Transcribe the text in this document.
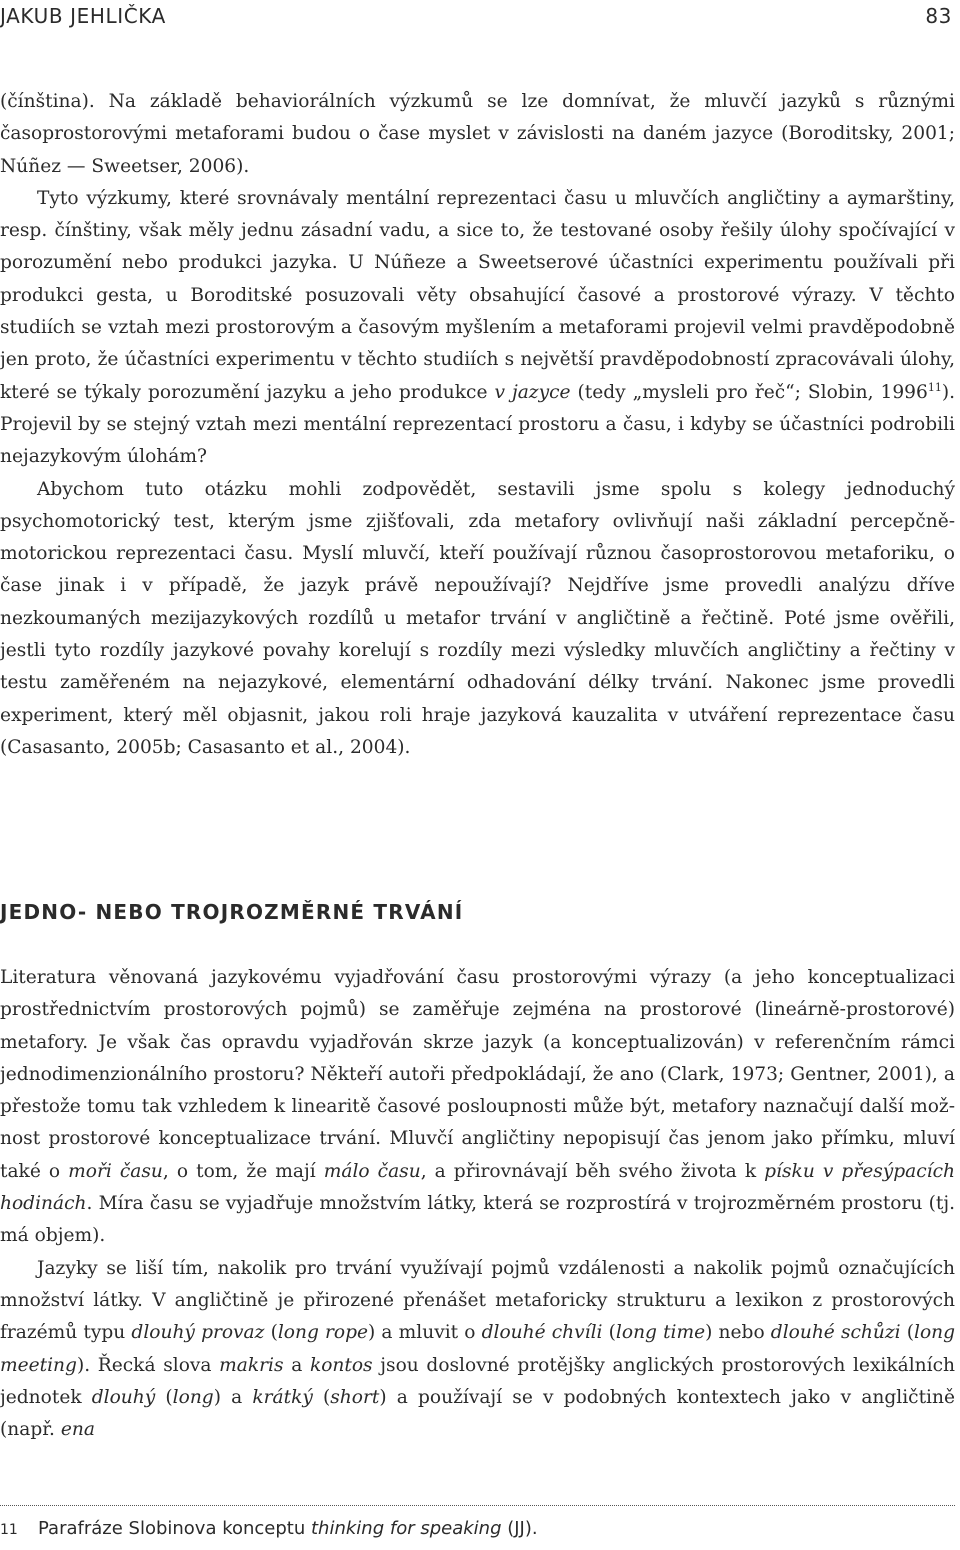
JAKUB JEHLIČKA	83

(čínština). Na základě behaviorálních výzkumů se lze domnívat, že mluvčí jazyků s různými časoprostorovými metaforami budou o čase myslet v závislosti na daném jazyce (Boroditsky, 2001; Núñez — Sweetser, 2006).

Tyto výzkumy, které srovnávaly mentální reprezentaci času u mluvčích angličtiny a aymarštiny, resp. čínštiny, však měly jednu zásadní vadu, a sice to, že testované osoby řešily úlohy spočívající v porozumění nebo produkci jazyka. U Núñeze a Sweetserové účastníci experimentu používali při produkci gesta, u Boroditské posuzovali věty obsahující časové a prostorové výrazy. V těchto studiích se vztah mezi prostorovým a časovým myšlením a metaforami projevil velmi pravděpodobně jen proto, že účastníci experimentu v těchto studiích s největší pravděpodobností zpracovávali úlohy, které se týkaly porozumění jazyku a jeho produkce v jazyce (tedy „mysleli pro řeč“; Slobin, 1996$^{11}$). Projevil by se stejný vztah mezi mentální reprezentací prostoru a času, i kdyby se účastníci podrobili nejazykovým úlohám?

Abychom tuto otázku mohli zodpovědět, sestavili jsme spolu s kolegy jednoduchý psychomotorický test, kterým jsme zjišťovali, zda metafory ovlivňují naši základní percepčně-motorickou reprezentaci času. Myslí mluvčí, kteří používají různou časoprostorovou metaforiku, o čase jinak i v případě, že jazyk právě nepoužívají? Nejdříve jsme provedli analýzu dříve nezkoumaných mezijazykových rozdílů u metafor trvání v angličtině a řečtině. Poté jsme ověřili, jestli tyto rozdíly jazykové povahy korelují s rozdíly mezi výsledky mluvčích angličtiny a řečtiny v testu zaměřeném na nejazykové, elementární odhadování délky trvání. Nakonec jsme provedli experiment, který měl objasnit, jakou roli hraje jazyková kauzalita v utváření reprezentace času (Casasanto, 2005b; Casasanto et al., 2004).

JEDNO- NEBO TROJROZMĚRNÉ TRVÁNÍ

Literatura věnovaná jazykovému vyjadřování času prostorovými výrazy (a jeho konceptualizaci prostřednictvím prostorových pojmů) se zaměřuje zejména na prostorové (lineárně-prostorové) metafory. Je však čas opravdu vyjadřován skrze jazyk (a konceptualizován) v referenčním rámci jednodimenzionálního prostoru? Někteří autoři předpokládají, že ano (Clark, 1973; Gentner, 2001), a přestože tomu tak vzhledem k linearitě časové posloupnosti může být, metafory naznačují další možnost prostorové konceptualizace trvání. Mluvčí angličtiny nepopisují čas jenom jako přímku, mluví také o moři času, o tom, že mají málo času, a přirovnávají běh svého života k písku v přesýpacích hodinách. Míra času se vyjadřuje množstvím látky, která se rozprostírá v trojrozměrném prostoru (tj. má objem).

Jazyky se liší tím, nakolik pro trvání využívají pojmů vzdálenosti a nakolik pojmů označujících množství látky. V angličtině je přirozené přenášet metaforicky strukturu a lexikon z prostorových frazémů typu dlouhý provaz (long rope) a mluvit o dlouhé chvíli (long time) nebo dlouhé schůzi (long meeting). Řecká slova makris a kontos jsou doslovné protějšky anglických prostorových lexikálních jednotek dlouhý (long) a krátký (short) a používají se v podobných kontextech jako v angličtině (např. ena

11 Parafráze Slobinova konceptu thinking for speaking (JJ).
